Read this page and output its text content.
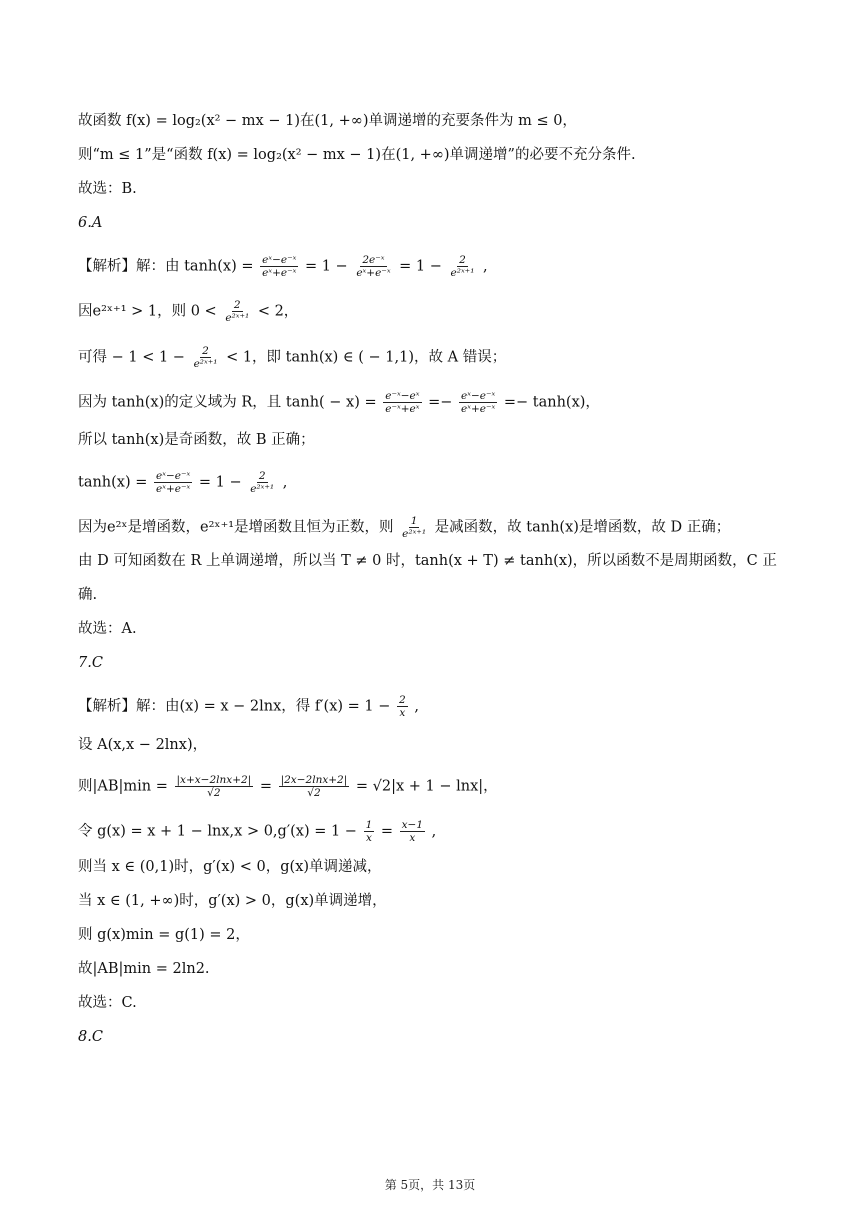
故函数 f(x) = log₂(x² − mx − 1)在(1, +∞)单调递增的充要条件为 m ≤ 0，
则“m ≤ 1”是“函数 f(x) = log₂(x² − mx − 1)在(1, +∞)单调递增”的必要不充分条件.
故选：B.
6.A
【解析】解：由 $\tanh(x) = \frac{\text{eˣ−e⁻ˣ}}{\text{eˣ+e⁻ˣ}} = 1 - \frac{\text{2e⁻ˣ}}{\text{eˣ+e⁻ˣ}} = 1 - \frac{2}{\text{e²ˣ⁺¹}}$ ,
因e²ˣ⁺¹ > 1，则 $0 < \frac{2}{\text{e²ˣ⁺¹}} < 2$，
可得 − $1 < 1 - \frac{2}{\text{e²ˣ⁺¹}} < 1$，即 tanh(x) ∈ ( − 1,1)，故 A 错误；
因为 tanh(x)的定义域为 R，且 $\tanh( - x) = \frac{\text{e⁻ˣ−eˣ}}{\text{e⁻ˣ+eˣ}} =- \frac{\text{eˣ−e⁻ˣ}}{\text{eˣ+e⁻ˣ}} =- \tanh(x)$，
所以 tanh(x)是奇函数，故 B 正确；
$\tanh(x) = \frac{\text{eˣ−e⁻ˣ}}{\text{eˣ+e⁻ˣ}} = 1 - \frac{2}{\text{e²ˣ⁺¹}}$ ,
因为e²ˣ是增函数，e²ˣ⁺¹是增函数且恒为正数，则 $\frac{1}{\text{e²ˣ⁺¹}}$ 是减函数，故 tanh(x)是增函数，故 D 正确；
由 D 可知函数在 R 上单调递增，所以当 T ≠ 0 时，tanh(x + T) ≠ tanh(x)，所以函数不是周期函数，C 正
确.
故选：A.
7.C
【解析】解：由(x) = x − 2lnx，得 $f'(x) = 1 - \frac{2}{x}$ ,
设 A(x,x − 2lnx)，
则$|AB|\min = \frac{|x+x-2\ln x+2|}{√2} = \frac{|2x-2\ln x+2|}{√2} = √2|x + 1 - \ln x|$，
令 $g(x) = x + 1 - \ln x,x > 0,g'(x) = 1 - \frac{1}{x} = \frac{x-1}{x}$ ,
则当 x ∈ (0,1)时，g′(x) < 0，g(x)单调递减，
当 x ∈ (1, +∞)时，g′(x) > 0，g(x)单调递增，
则 g(x)min = g(1) = 2，
故|AB|min = 2ln2.
故选：C.
8.C
第 5页，共 13页
